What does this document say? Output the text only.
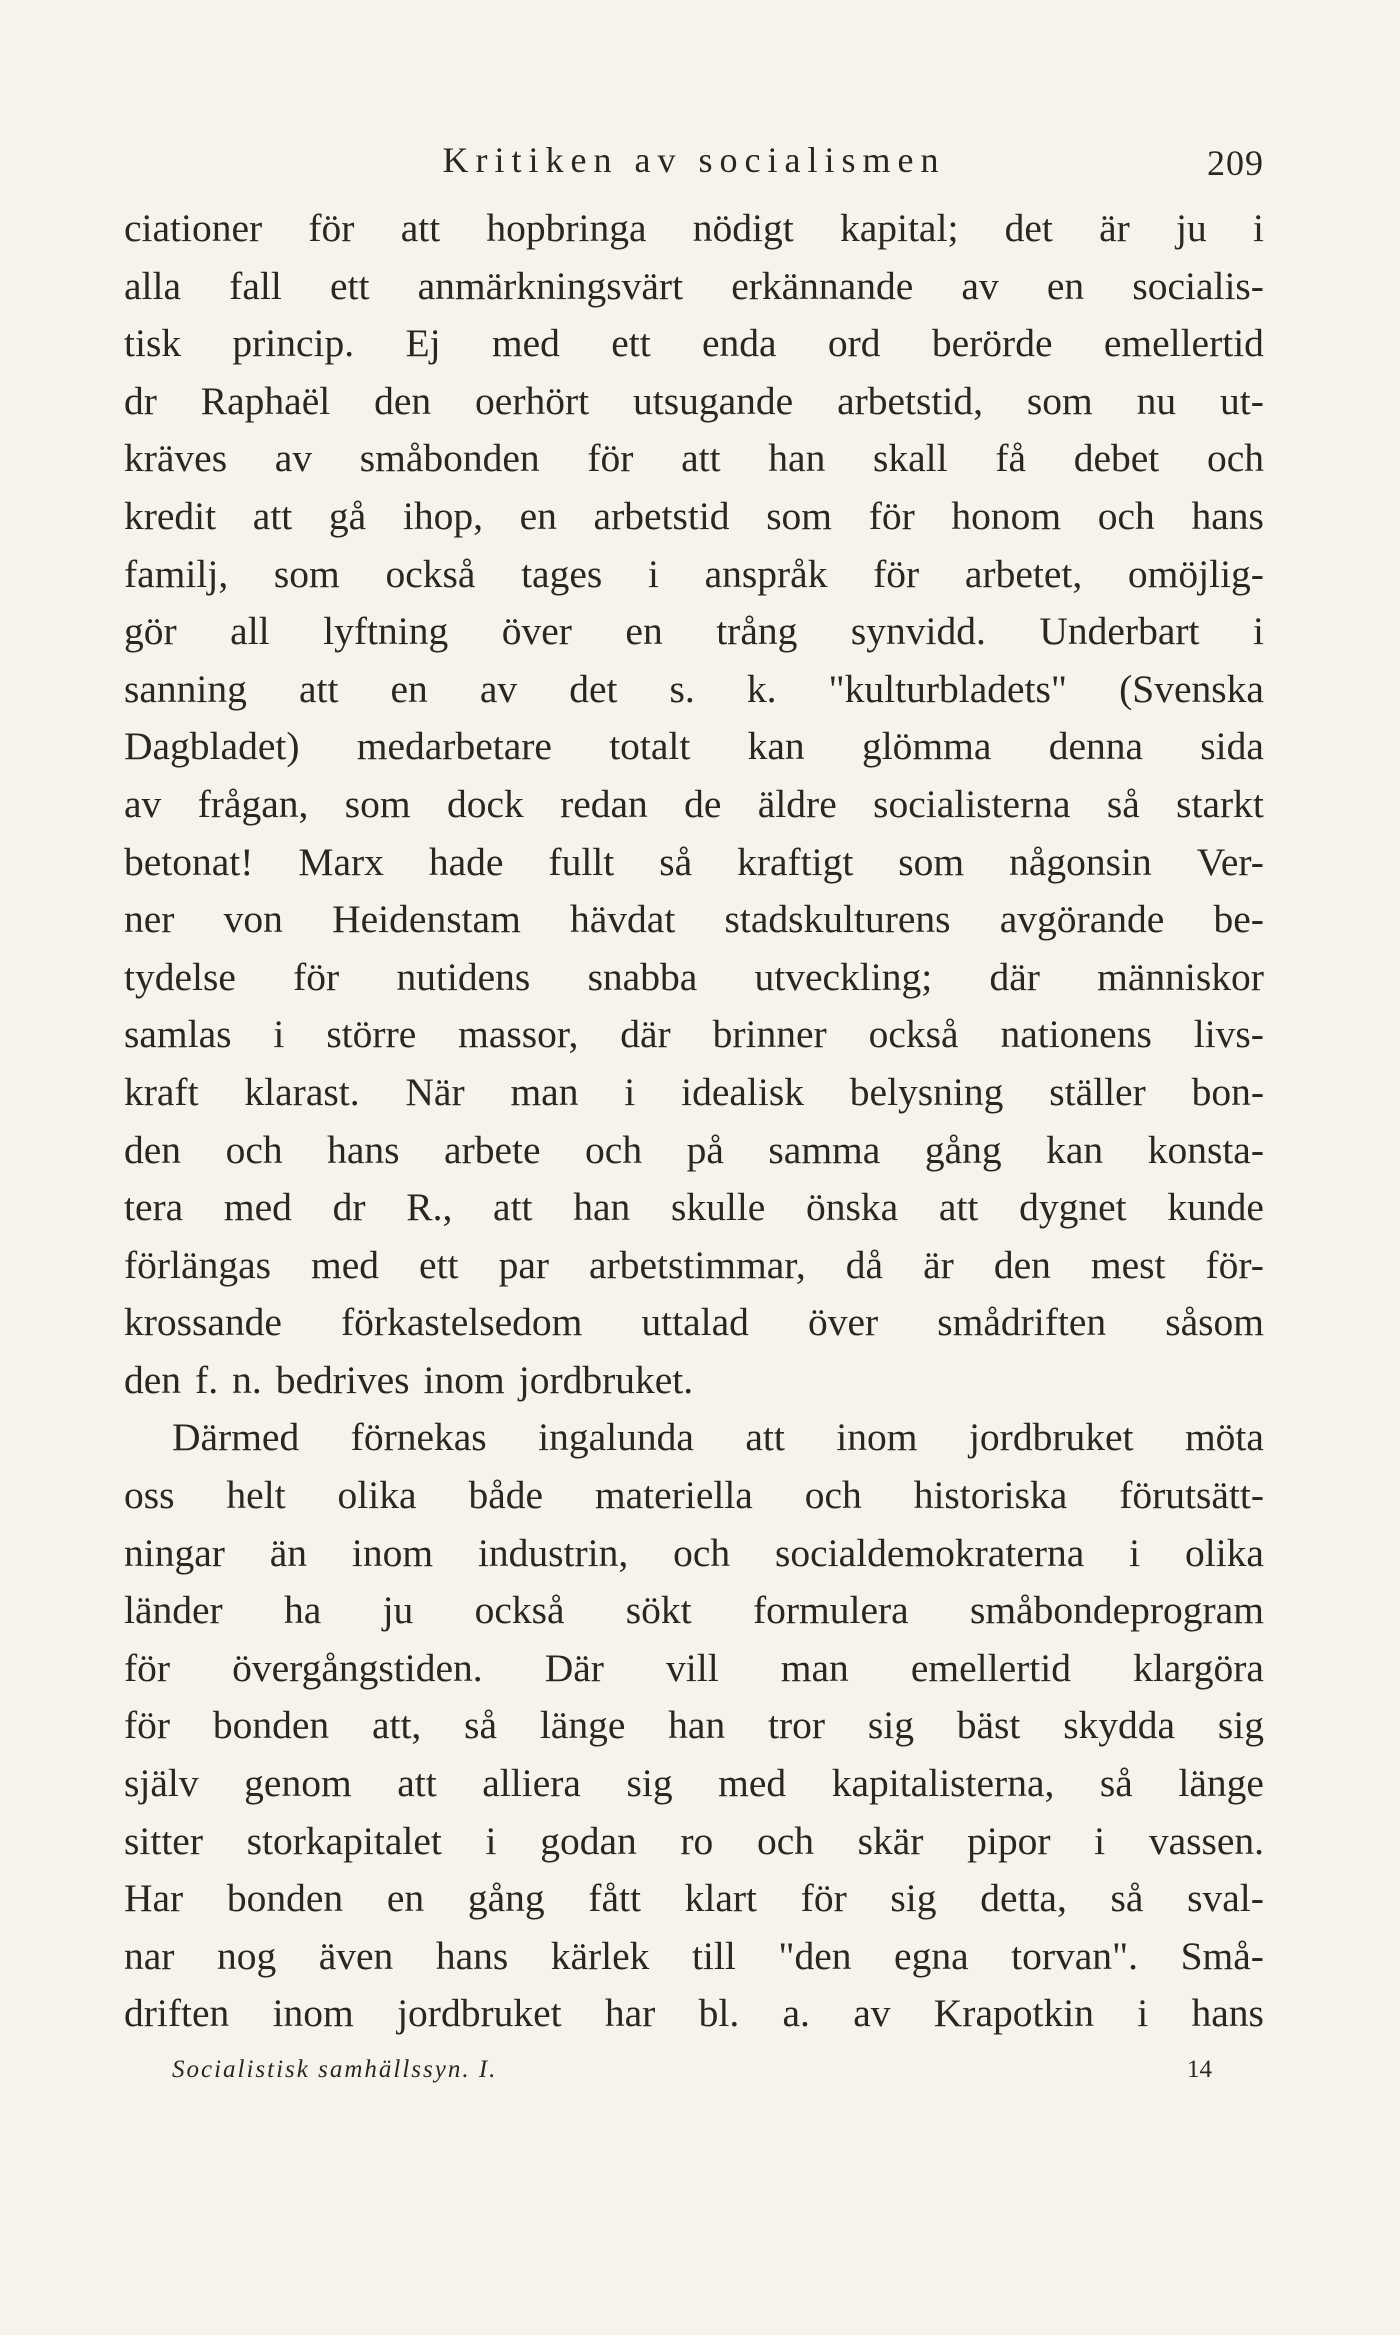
Kritiken av socialismen	209
ciationer för att hopbringa nödigt kapital; det är ju i
alla fall ett anmärkningsvärt erkännande av en socialis-
tisk princip. Ej med ett enda ord berörde emellertid
dr Raphaël den oerhört utsugande arbetstid, som nu ut-
kräves av småbonden för att han skall få debet och
kredit att gå ihop, en arbetstid som för honom och hans
familj, som också tages i anspråk för arbetet, omöjlig-
gör all lyftning över en trång synvidd. Underbart i
sanning att en av det s. k. "kulturbladets" (Svenska
Dagbladet) medarbetare totalt kan glömma denna sida
av frågan, som dock redan de äldre socialisterna så starkt
betonat! Marx hade fullt så kraftigt som någonsin Ver-
ner von Heidenstam hävdat stadskulturens avgörande be-
tydelse för nutidens snabba utveckling; där människor
samlas i större massor, där brinner också nationens livs-
kraft klarast. När man i idealisk belysning ställer bon-
den och hans arbete och på samma gång kan konsta-
tera med dr R., att han skulle önska att dygnet kunde
förlängas med ett par arbetstimmar, då är den mest för-
krossande förkastelsedom uttalad över smådriften såsom
den f. n. bedrives inom jordbruket.
Därmed förnekas ingalunda att inom jordbruket möta
oss helt olika både materiella och historiska förutsätt-
ningar än inom industrin, och socialdemokraterna i olika
länder ha ju också sökt formulera småbondeprogram
för övergångstiden. Där vill man emellertid klargöra
för bonden att, så länge han tror sig bäst skydda sig
själv genom att alliera sig med kapitalisterna, så länge
sitter storkapitalet i godan ro och skär pipor i vassen.
Har bonden en gång fått klart för sig detta, så sval-
nar nog även hans kärlek till "den egna torvan". Små-
driften inom jordbruket har bl. a. av Krapotkin i hans
Socialistisk samhällssyn. I.	14
